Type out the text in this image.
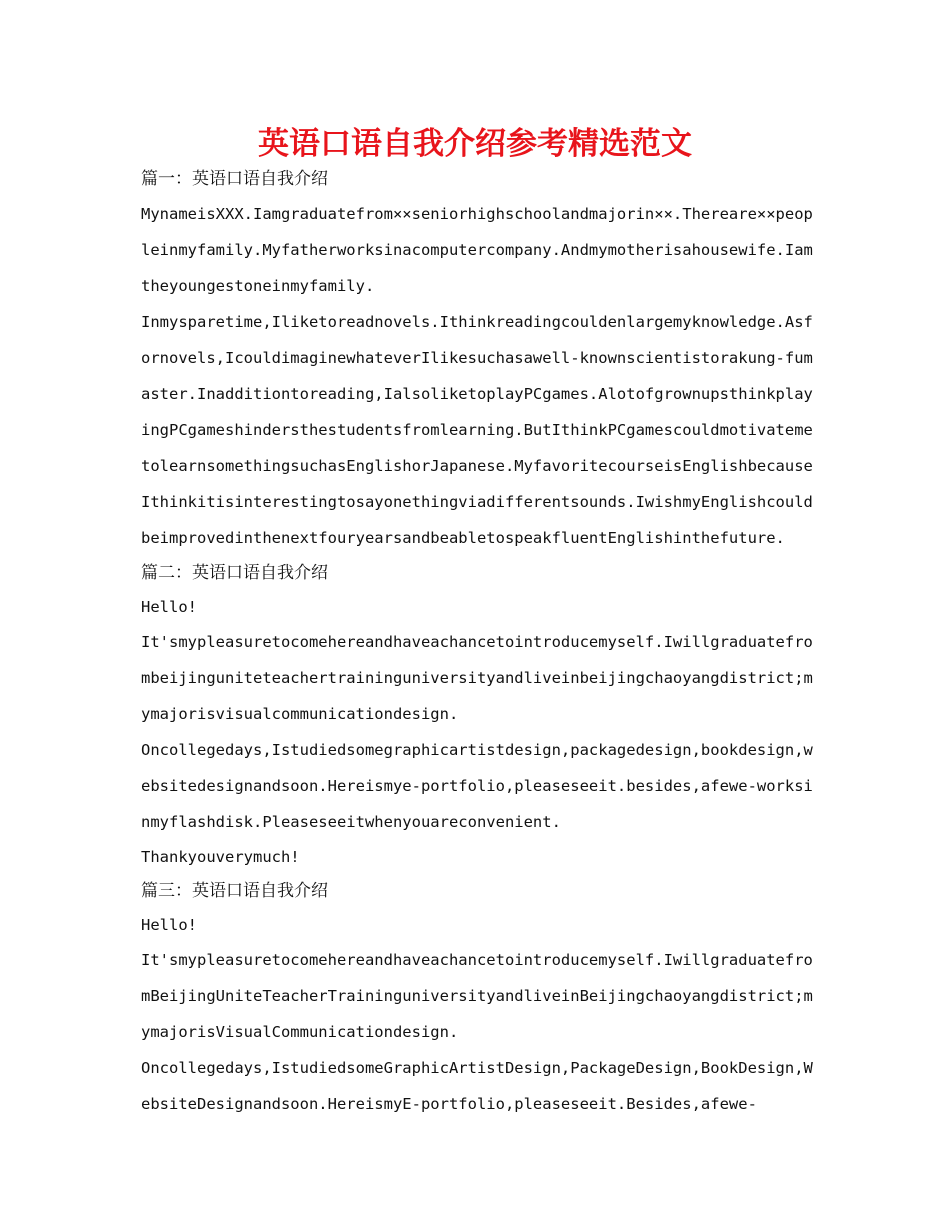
英语口语自我介绍参考精选范文

篇一：英语口语自我介绍

MynameisXXX.Iamgraduatefrom××seniorhighschoolandmajorin××.Thereare××peopleinmyfamily.Myfatherworksinacomputercompany.Andmymotherisahousewife.Iamtheyoungestoneinmyfamily.

Inmysparetime,Iliketoreadnovels.Ithinkreadingcouldenlargemyknowledge.Asfornovels,IcouldimaginewhateverIlikesuchasawell-knownscientistorakung-fumaster.Inadditiontoreading,IalsoliketoplayPCgames.AlotofgrownupsthinkplayingPCgameshindersthestudentsfromlearning.ButIthinkPCgamescouldmotivatemetolearnsomethingsuchasEnglishorJapanese.MyfavoritecourseisEnglishbecauseIthinkitisinterestingtosayonethingviadifferentsounds.IwishmyEnglishcouldbeimprovedinthenextfouryearsandbeabletospeakfluentEnglishinthefuture.

篇二：英语口语自我介绍

Hello!

It'smypleasuretocomehereandhaveachancetointroducemyself.Iwillgraduatefrombeijinguniteteachertraininguniversityandliveinbeijingchaoyangdistrict;mymajorisvisualcommunicationdesign.

Oncollegedays,Istudiedsomegraphicartistdesign,packagedesign,bookdesign,websitedesignandsoon.Hereismye-portfolio,pleaseseeit.besides,afewe-worksinmyflashdisk.Pleaseseeitwhenyouareconvenient.

Thankyouverymuch!

篇三：英语口语自我介绍

Hello!

It'smypleasuretocomehereandhaveachancetointroducemyself.IwillgraduatefromBeijingUniteTeacherTraininguniversityandliveinBeijingchaoyangdistrict;mymajorisVisualCommunicationdesign.

Oncollegedays,IstudiedsomeGraphicArtistDesign,PackageDesign,BookDesign,WebsiteDesignandsoon.HereismyE-portfolio,pleaseseeit.Besides,afewe-
